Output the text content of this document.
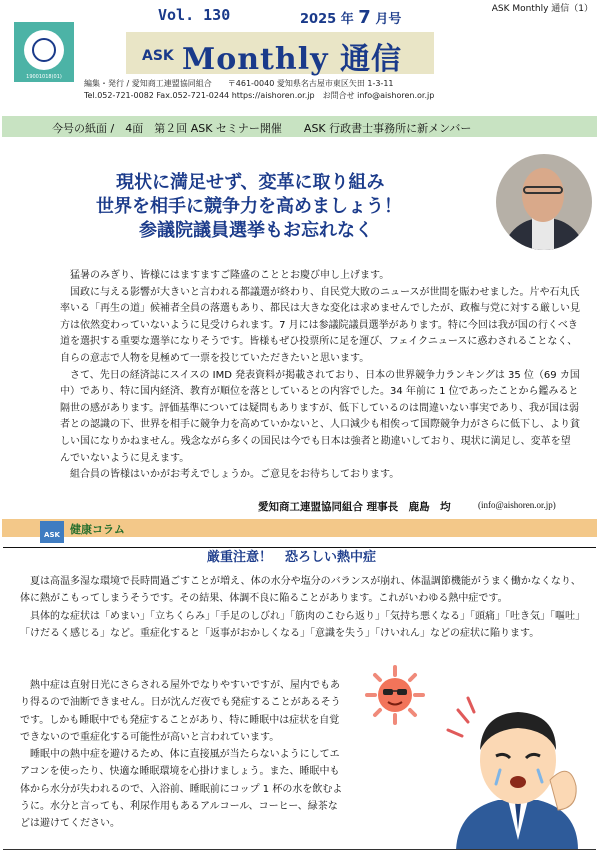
ASK Monthly 通信（1）
Vol. 130	2025 年 7 月号
19001018(01)
ASK Monthly 通信
編集・発行 / 愛知商工連盟協同組合　　〒461-0040 愛知県名古屋市東区矢田 1-3-11
Tel.052-721-0082 Fax.052-721-0244 https://aishoren.or.jp　お問合せ info@aishoren.or.jp
今号の紙面 /　4面　第２回 ASK セミナー開催　　ASK 行政書士事務所に新メンバー
現状に満足せず、変革に取り組み
世界を相手に競争力を高めましょう！
参議院議員選挙もお忘れなく

猛暑のみぎり、皆様にはますますご隆盛のこととお慶び申し上げます。

国政に与える影響が大きいと言われる都議選が終わり、自民党大敗のニュースが世間を賑わせました。片や石丸氏率いる「再生の道」候補者全員の落選もあり、都民は大きな変化は求めませんでしたが、政権与党に対する厳しい見方は依然変わっていないように見受けられます。7 月には参議院議員選挙があります。特に今回は我が国の行くべき道を選択する重要な選挙になりそうです。皆様もぜひ投票所に足を運び、フェイクニュースに惑わされることなく、自らの意志で人物を見極めて一票を投じていただきたいと思います。

さて、先日の経済誌にスイスの IMD 発表資料が掲載されており、日本の世界競争力ランキングは 35 位（69 カ国中）であり、特に国内経済、教育が順位を落としているとの内容でした。34 年前に 1 位であったことから鑑みると隔世の感があります。評価基準については疑問もありますが、低下しているのは間違いない事実であり、我が国は弱者との認識の下、世界を相手に競争力を高めていかないと、人口減少も相俟って国際競争力がさらに低下し、より貧しい国になりかねません。残念ながら多くの国民は今でも日本は強者と勘違いしており、現状に満足し、変革を望んでいないように見えます。

組合員の皆様はいかがお考えでしょうか。ご意見をお待ちしております。

愛知商工連盟協同組合 理事長　鹿島　均	(info@aishoren.or.jp)
ASK 健康コラム
厳重注意！　恐ろしい熱中症

夏は高温多湿な環境で長時間過ごすことが増え、体の水分や塩分のバランスが崩れ、体温調節機能がうまく働かなくなり、体に熱がこもってしまうそうです。その結果、体調不良に陥ることがあります。これがいわゆる熱中症です。

具体的な症状は「めまい」「立ちくらみ」「手足のしびれ」「筋肉のこむら返り」「気持ち悪くなる」「頭痛」「吐き気」「嘔吐」「けだるく感じる」など。重症化すると「返事がおかしくなる」「意識を失う」「けいれん」などの症状に陥ります。

熱中症は直射日光にさらされる屋外でなりやすいですが、屋内でもあり得るので油断できません。日が沈んだ夜でも発症することがあるそうです。しかも睡眠中でも発症することがあり、特に睡眠中は症状を自覚できないので重症化する可能性が高いと言われています。

睡眠中の熱中症を避けるため、体に直接風が当たらないようにしてエアコンを使ったり、快適な睡眠環境を心掛けましょう。また、睡眠中も体から水分が失われるので、入浴前、睡眠前にコップ 1 杯の水を飲むように。水分と言っても、利尿作用もあるアルコール、コーヒー、緑茶などは避けてください。
